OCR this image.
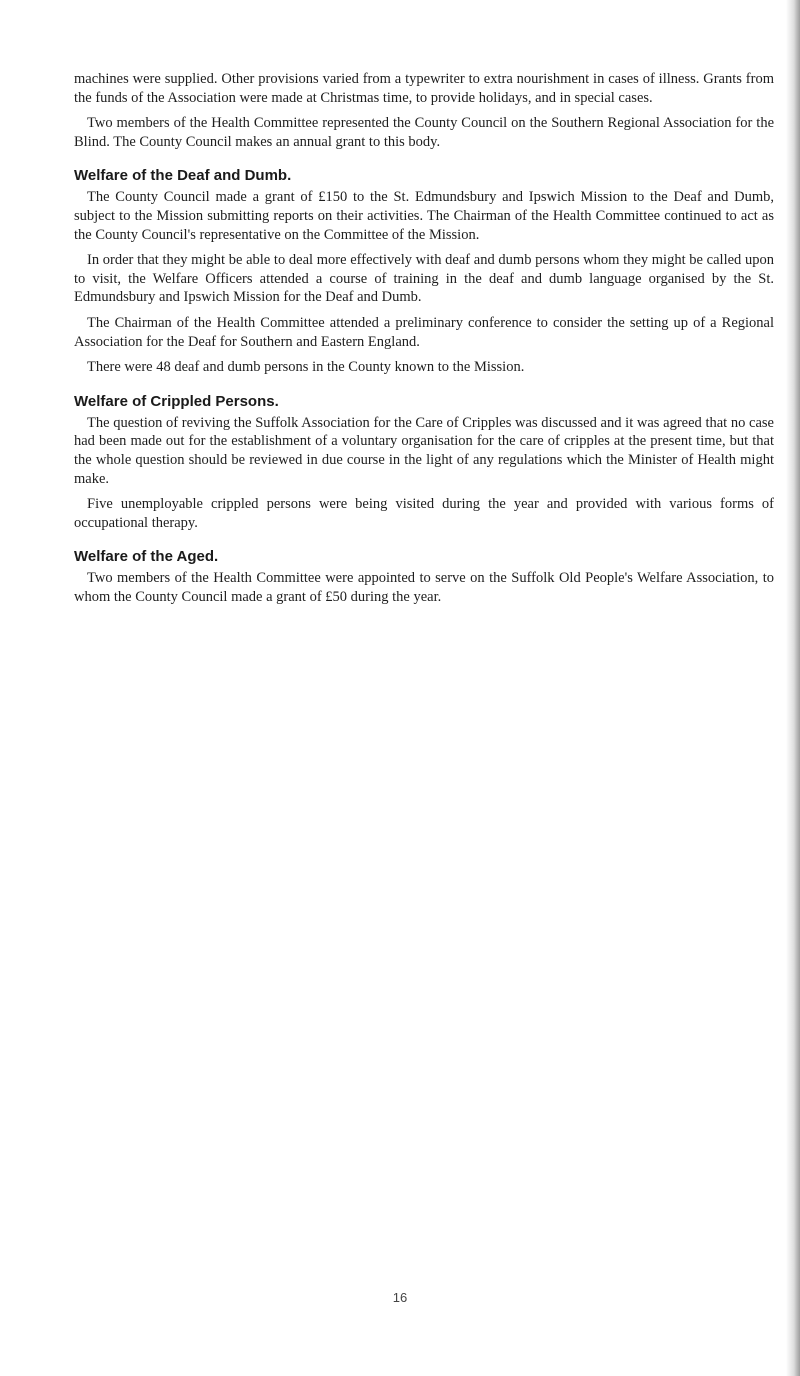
machines were supplied. Other provisions varied from a typewriter to extra nourishment in cases of illness. Grants from the funds of the Association were made at Christmas time, to provide holidays, and in special cases.

Two members of the Health Committee represented the County Council on the Southern Regional Association for the Blind. The County Council makes an annual grant to this body.

Welfare of the Deaf and Dumb.

The County Council made a grant of £150 to the St. Edmundsbury and Ipswich Mission to the Deaf and Dumb, subject to the Mission submitting reports on their activities. The Chairman of the Health Committee continued to act as the County Council's representative on the Committee of the Mission.

In order that they might be able to deal more effectively with deaf and dumb persons whom they might be called upon to visit, the Welfare Officers attended a course of training in the deaf and dumb language organised by the St. Edmundsbury and Ipswich Mission for the Deaf and Dumb.

The Chairman of the Health Committee attended a preliminary conference to consider the setting up of a Regional Association for the Deaf for Southern and Eastern England.

There were 48 deaf and dumb persons in the County known to the Mission.

Welfare of Crippled Persons.

The question of reviving the Suffolk Association for the Care of Cripples was discussed and it was agreed that no case had been made out for the establishment of a voluntary organisation for the care of cripples at the present time, but that the whole question should be reviewed in due course in the light of any regulations which the Minister of Health might make.

Five unemployable crippled persons were being visited during the year and provided with various forms of occupational therapy.

Welfare of the Aged.

Two members of the Health Committee were appointed to serve on the Suffolk Old People's Welfare Association, to whom the County Council made a grant of £50 during the year.

16
